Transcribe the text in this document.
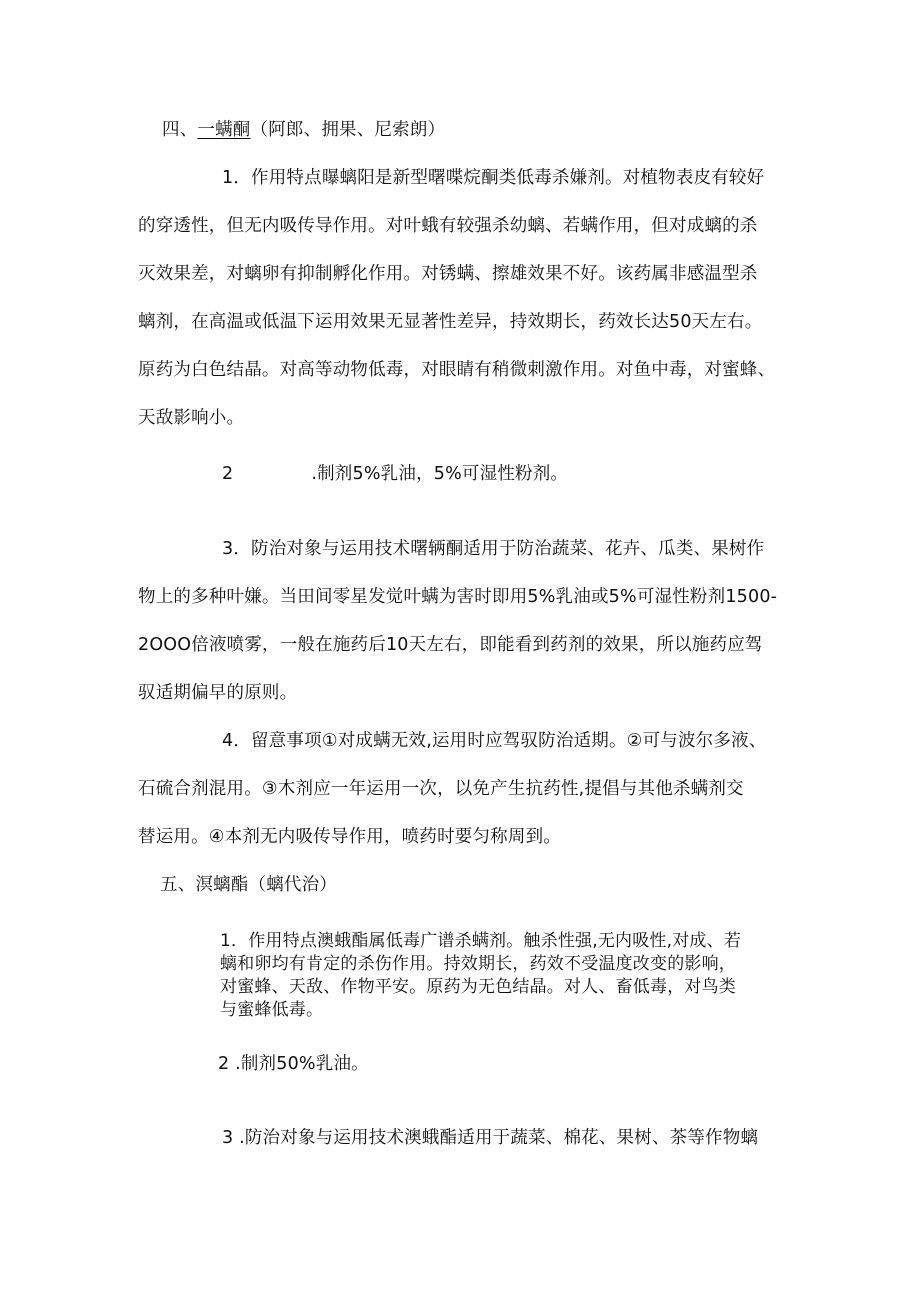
四、一螨酮（阿郎、拥果、尼索朗）
1．作用特点曝螭阳是新型曙喋烷酮类低毒杀嫌剂。对植物表皮有较好
的穿透性，但无内吸传导作用。对叶蛾有较强杀幼螭、若螨作用，但对成螭的杀
灭效果差，对螭卵有抑制孵化作用。对锈螨、擦雄效果不好。该药属非感温型杀
螭剂，在高温或低温下运用效果无显著性差异，持效期长，药效长达50天左右。
原药为白色结晶。对高等动物低毒，对眼睛有稍微刺激作用。对鱼中毒，对蜜蜂、
天敌影响小。
2	.制剂5%乳油，5%可湿性粉剂。
3．防治对象与运用技术曙辆酮适用于防治蔬菜、花卉、瓜类、果树作
物上的多种叶嫌。当田间零星发觉叶螨为害时即用5%乳油或5%可湿性粉剂1500-
2OOO倍液喷雾，一般在施药后10天左右，即能看到药剂的效果，所以施药应驾
驭适期偏早的原则。
4．留意事项①对成螨无效,运用时应驾驭防治适期。②可与波尔多液、
石硫合剂混用。③木剂应一年运用一次，以免产生抗药性,提倡与其他杀螨剂交
替运用。④本剂无内吸传导作用，喷药时要匀称周到。
五、溟螭酯（螭代治）
1．作用特点澳蛾酯属低毒广谱杀螨剂。触杀性强,无内吸性,对成、若
螭和卵均有肯定的杀伤作用。持效期长，药效不受温度改变的影响，
对蜜蜂、天敌、作物平安。原药为无色结晶。对人、畜低毒，对鸟类
与蜜蜂低毒。
2 .制剂50%乳油。
3 .防治对象与运用技术澳蛾酯适用于蔬菜、棉花、果树、茶等作物螭
